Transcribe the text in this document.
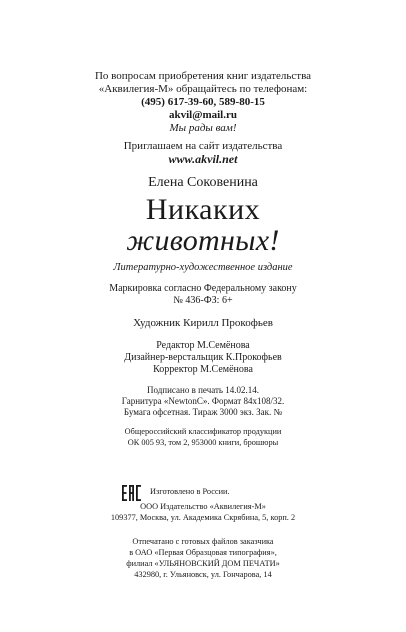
По вопросам приобретения книг издательства
«Аквилегия-М» обращайтесь по телефонам:
(495) 617-39-60, 589-80-15
akvil@mail.ru
Мы рады вам!
Приглашаем на сайт издательства
www.akvil.net
Елена Соковенина
Никаких
животных!
Литературно-художественное издание
Маркировка согласно Федеральному закону
№ 436-ФЗ: 6+
Художник Кирилл Прокофьев
Редактор М.Семёнова
Дизайнер-верстальщик К.Прокофьев
Корректор М.Семёнова
Подписано в печать 14.02.14.
Гарнитура «NewtonC». Формат 84x108/32.
Бумага офсетная. Тираж 3000 экз. Зак. №
Общероссийский классификатор продукции
ОК 005 93, том 2, 953000 книги, брошюры
Изготовлено в России.
ООО Издательство «Аквилегия-М»
109377, Москва, ул. Академика Скрябина, 5, корп. 2
Отпечатано с готовых файлов заказчика
в ОАО «Первая Образцовая типография»,
филиал «УЛЬЯНОВСКИЙ ДОМ ПЕЧАТИ»
432980, г. Ульяновск, ул. Гончарова, 14
